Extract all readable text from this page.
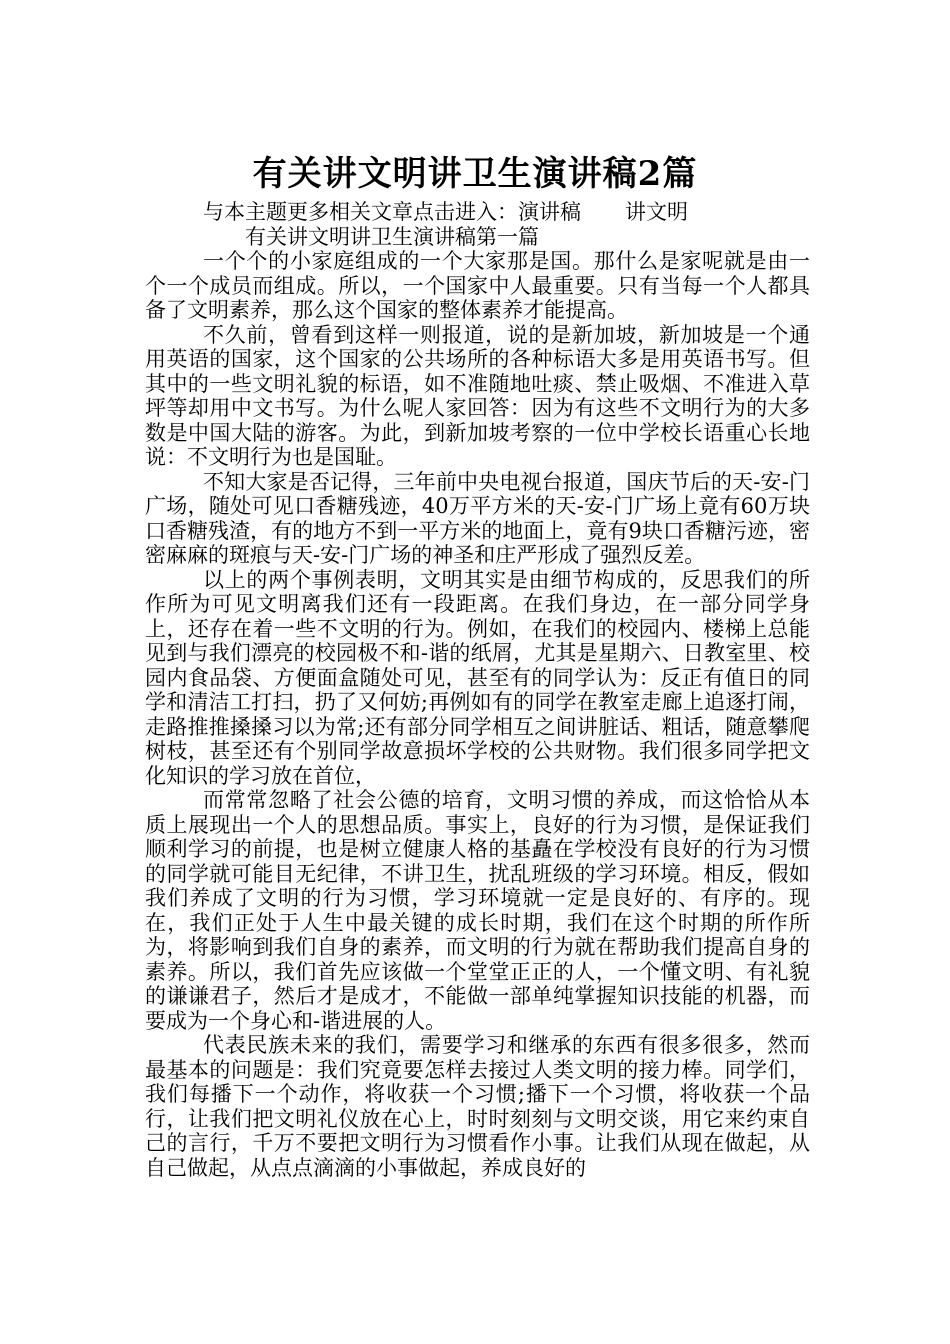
有关讲文明讲卫生演讲稿2篇

与本主题更多相关文章点击进入：演讲稿 讲文明

有关讲文明讲卫生演讲稿第一篇

一个个的小家庭组成的一个大家那是国。那什么是家呢就是由一个一个成员而组成。所以，一个国家中人最重要。只有当每一个人都具备了文明素养，那么这个国家的整体素养才能提高。

不久前，曾看到这样一则报道，说的是新加坡，新加坡是一个通用英语的国家，这个国家的公共场所的各种标语大多是用英语书写。但其中的一些文明礼貌的标语，如不准随地吐痰、禁止吸烟、不准进入草坪等却用中文书写。为什么呢人家回答：因为有这些不文明行为的大多数是中国大陆的游客。为此，到新加坡考察的一位中学校长语重心长地说：不文明行为也是国耻。

不知大家是否记得，三年前中央电视台报道，国庆节后的天-安-门广场，随处可见口香糖残迹，40万平方米的天-安-门广场上竟有60万块口香糖残渣，有的地方不到一平方米的地面上，竟有9块口香糖污迹，密密麻麻的斑痕与天-安-门广场的神圣和庄严形成了强烈反差。

以上的两个事例表明，文明其实是由细节构成的，反思我们的所作所为可见文明离我们还有一段距离。在我们身边，在一部分同学身上，还存在着一些不文明的行为。例如，在我们的校园内、楼梯上总能见到与我们漂亮的校园极不和-谐的纸屑，尤其是星期六、日教室里、校园内食品袋、方便面盒随处可见，甚至有的同学认为：反正有值日的同学和清洁工打扫，扔了又何妨;再例如有的同学在教室走廊上追逐打闹，走路推推搡搡习以为常;还有部分同学相互之间讲脏话、粗话，随意攀爬树枝，甚至还有个别同学故意损坏学校的公共财物。我们很多同学把文化知识的学习放在首位，

而常常忽略了社会公德的培育，文明习惯的养成，而这恰恰从本质上展现出一个人的思想品质。事实上，良好的行为习惯，是保证我们顺利学习的前提，也是树立健康人格的基矗在学校没有良好的行为习惯的同学就可能目无纪律，不讲卫生，扰乱班级的学习环境。相反，假如我们养成了文明的行为习惯，学习环境就一定是良好的、有序的。现在，我们正处于人生中最关键的成长时期，我们在这个时期的所作所为，将影响到我们自身的素养，而文明的行为就在帮助我们提高自身的素养。所以，我们首先应该做一个堂堂正正的人，一个懂文明、有礼貌的谦谦君子，然后才是成才，不能做一部单纯掌握知识技能的机器，而要成为一个身心和-谐进展的人。

代表民族未来的我们，需要学习和继承的东西有很多很多，然而最基本的问题是：我们究竟要怎样去接过人类文明的接力棒。同学们，我们每播下一个动作，将收获一个习惯;播下一个习惯，将收获一个品行，让我们把文明礼仪放在心上，时时刻刻与文明交谈，用它来约束自己的言行，千万不要把文明行为习惯看作小事。让我们从现在做起，从自己做起，从点点滴滴的小事做起，养成良好的
